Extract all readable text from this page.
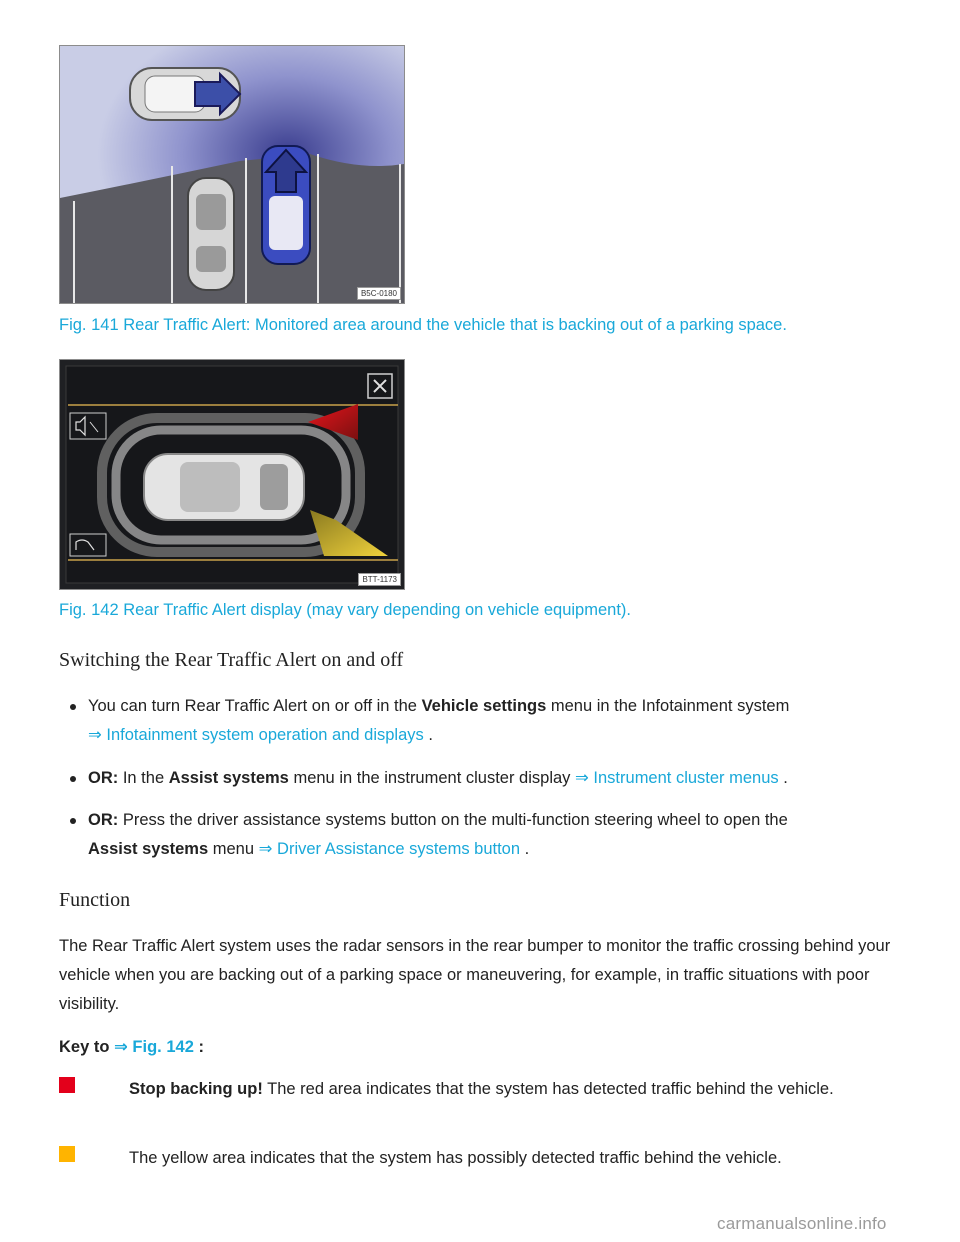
B5C-0180

Fig. 141 Rear Traffic Alert: Monitored area around the vehicle that is backing out of a parking space.

BTT-1173

Fig. 142 Rear Traffic Alert display (may vary depending on vehicle equipment).

Switching the Rear Traffic Alert on and off
You can turn Rear Traffic Alert on or off in the Vehicle settings menu in the Infotainment system
⇒ Infotainment system operation and displays .
OR: In the Assist systems menu in the instrument cluster display ⇒ Instrument cluster menus .
OR: Press the driver assistance systems button on the multi-function steering wheel to open the
Assist systems menu ⇒ Driver Assistance systems button .
Function

The Rear Traffic Alert system uses the radar sensors in the rear bumper to monitor the traffic crossing behind your vehicle when you are backing out of a parking space or maneuvering, for example, in traffic situations with poor visibility.

Key to ⇒ Fig. 142 :

Stop backing up! The red area indicates that the system has detected traffic behind the vehicle.

The yellow area indicates that the system has possibly detected traffic behind the vehicle.

carmanualsonline.info
